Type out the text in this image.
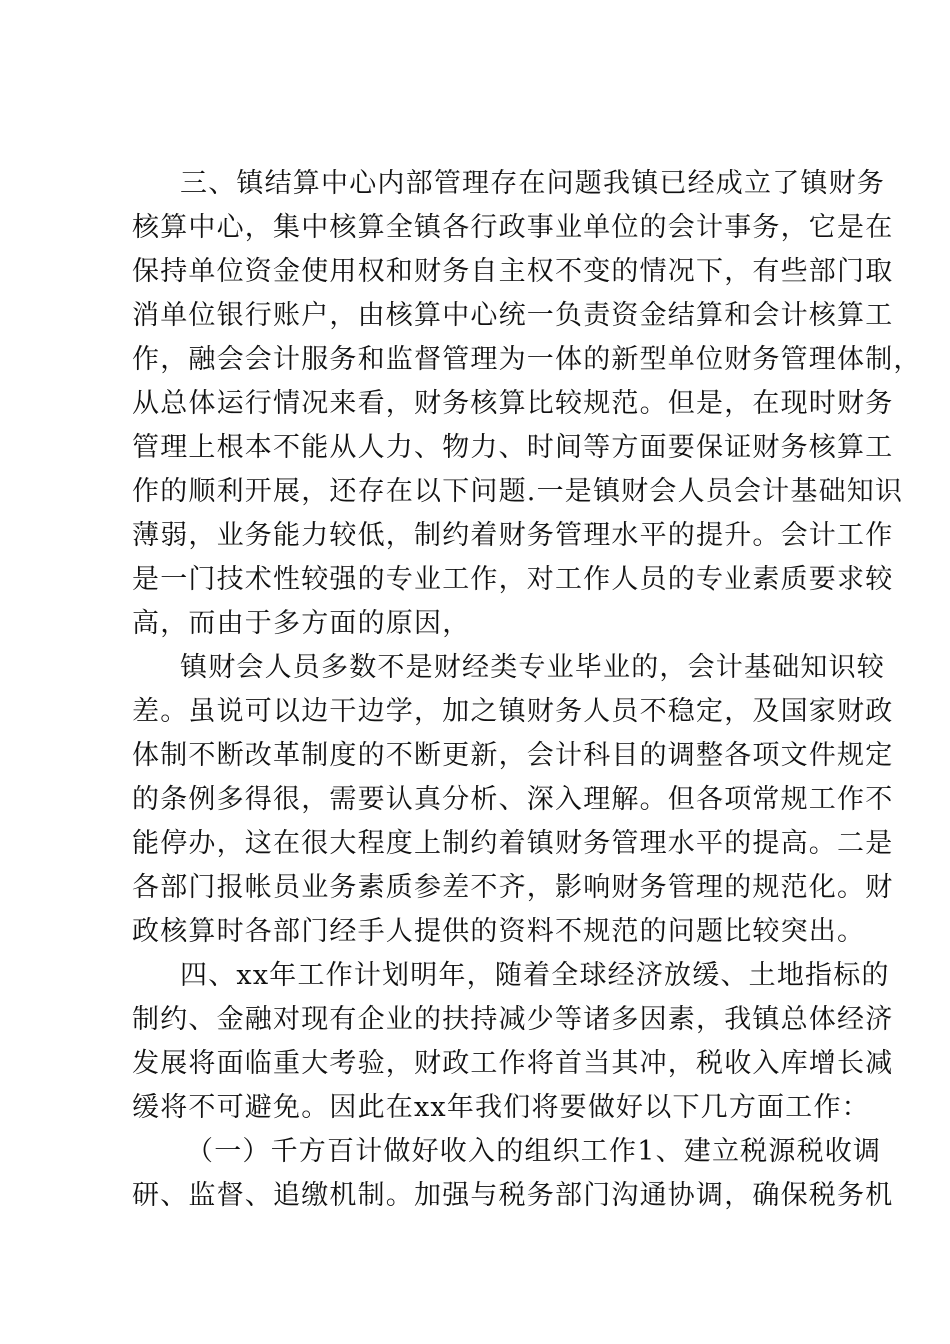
三、镇结算中心内部管理存在问题我镇已经成立了镇财务
核算中心，集中核算全镇各行政事业单位的会计事务，它是在
保持单位资金使用权和财务自主权不变的情况下，有些部门取
消单位银行账户，由核算中心统一负责资金结算和会计核算工
作，融会会计服务和监督管理为一体的新型单位财务管理体制，
从总体运行情况来看，财务核算比较规范。但是，在现时财务
管理上根本不能从人力、物力、时间等方面要保证财务核算工
作的顺利开展，还存在以下问题.一是镇财会人员会计基础知识
薄弱，业务能力较低，制约着财务管理水平的提升。会计工作
是一门技术性较强的专业工作，对工作人员的专业素质要求较
高，而由于多方面的原因，
镇财会人员多数不是财经类专业毕业的，会计基础知识较
差。虽说可以边干边学，加之镇财务人员不稳定，及国家财政
体制不断改革制度的不断更新，会计科目的调整各项文件规定
的条例多得很，需要认真分析、深入理解。但各项常规工作不
能停办，这在很大程度上制约着镇财务管理水平的提高。二是
各部门报帐员业务素质参差不齐，影响财务管理的规范化。财
政核算时各部门经手人提供的资料不规范的问题比较突出。
四、xx年工作计划明年，随着全球经济放缓、土地指标的
制约、金融对现有企业的扶持减少等诸多因素，我镇总体经济
发展将面临重大考验，财政工作将首当其冲，税收入库增长减
缓将不可避免。因此在xx年我们将要做好以下几方面工作：
（一）千方百计做好收入的组织工作1、建立税源税收调
研、监督、追缴机制。加强与税务部门沟通协调，确保税务机
